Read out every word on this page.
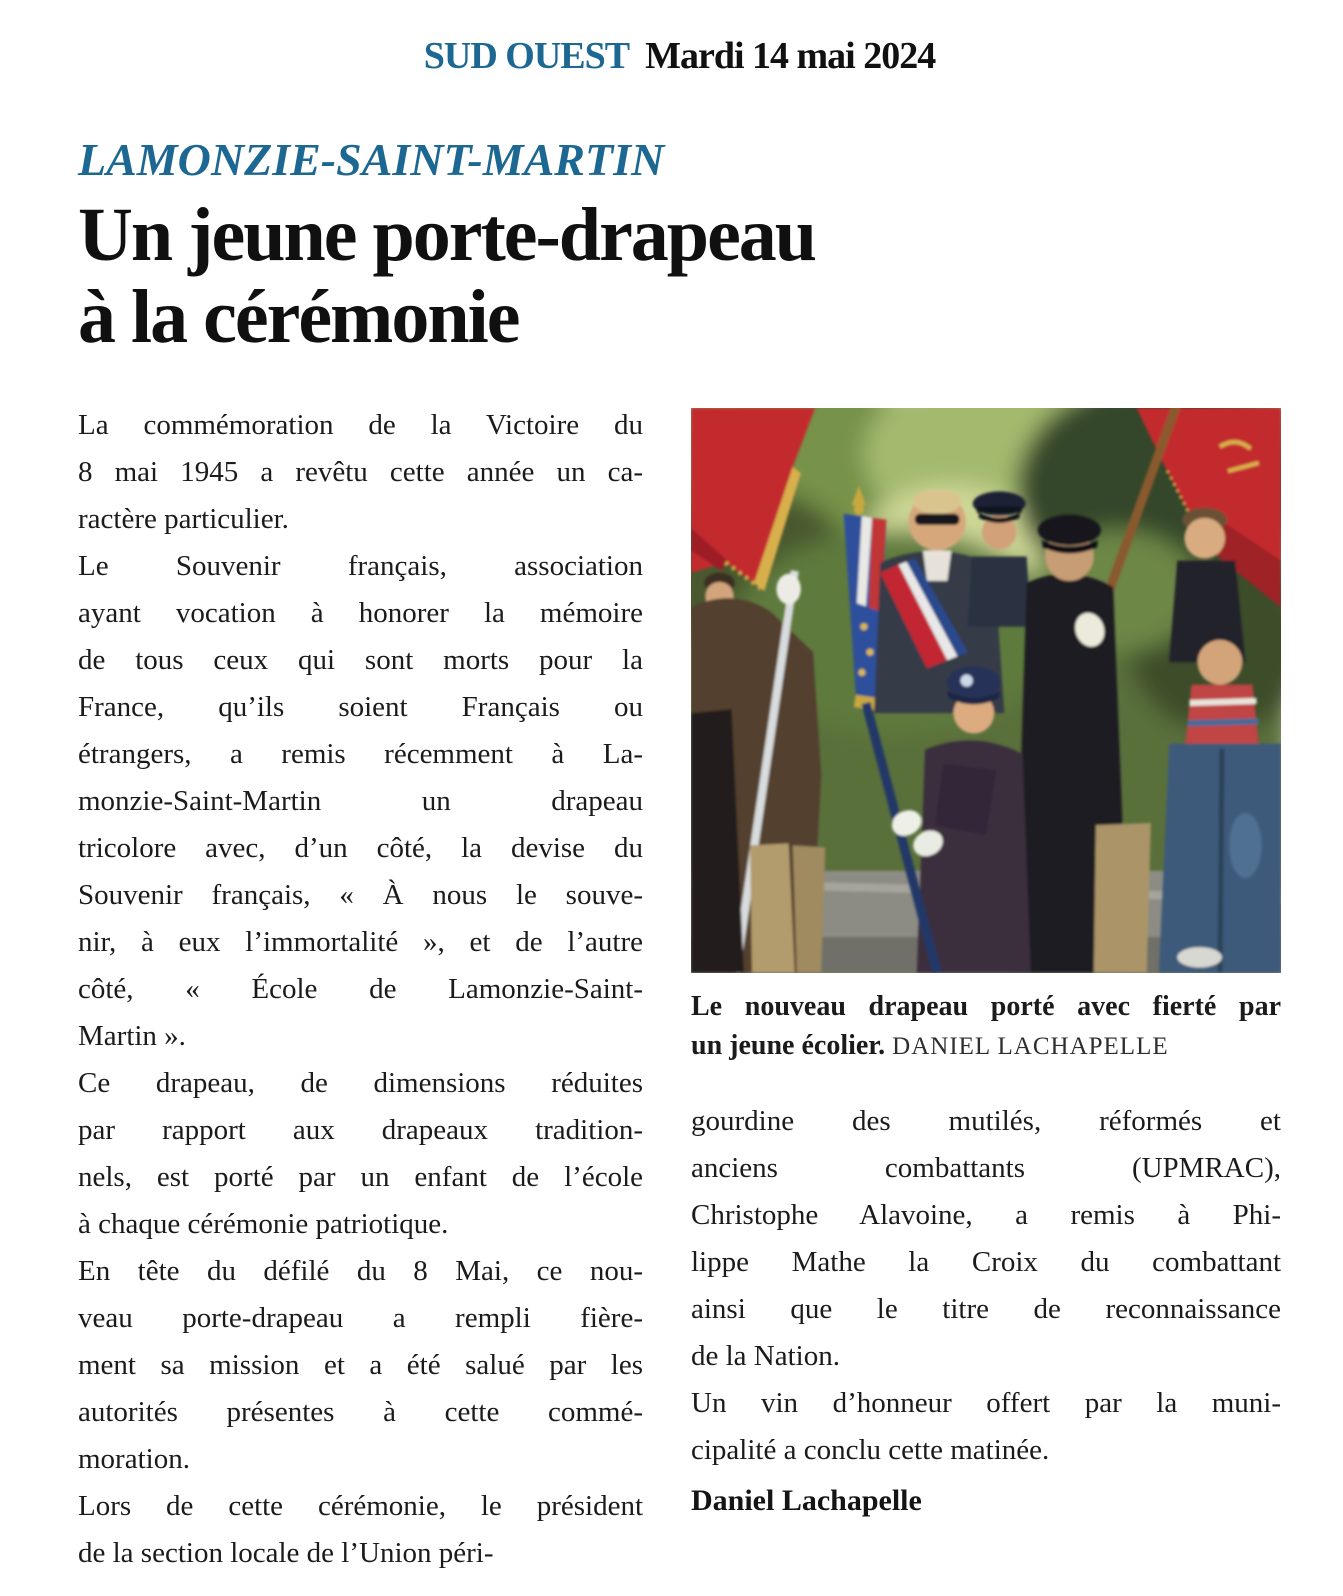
SUD OUEST Mardi 14 mai 2024
LAMONZIE-SAINT-MARTIN
Un jeune porte-drapeau
à la cérémonie

La commémoration de la Victoire du
8 mai 1945 a revêtu cette année un ca-
ractère particulier.

Le Souvenir français, association
ayant vocation à honorer la mémoire
de tous ceux qui sont morts pour la
France, qu’ils soient Français ou
étrangers, a remis récemment à La-
monzie-Saint-Martin un drapeau
tricolore avec, d’un côté, la devise du
Souvenir français, « À nous le souve-
nir, à eux l’immortalité », et de l’autre
côté, « École de Lamonzie-Saint-
Martin ».

Ce drapeau, de dimensions réduites
par rapport aux drapeaux tradition-
nels, est porté par un enfant de l’école
à chaque cérémonie patriotique.

En tête du défilé du 8 Mai, ce nou-
veau porte-drapeau a rempli fière-
ment sa mission et a été salué par les
autorités présentes à cette commé-
moration.

Lors de cette cérémonie, le président
de la section locale de l’Union péri-

Le nouveau drapeau porté avec fierté par
un jeune écolier. DANIEL LACHAPELLE

gourdine des mutilés, réformés et
anciens combattants (UPMRAC),
Christophe Alavoine, a remis à Phi-
lippe Mathe la Croix du combattant
ainsi que le titre de reconnaissance
de la Nation.

Un vin d’honneur offert par la muni-
cipalité a conclu cette matinée.

Daniel Lachapelle
